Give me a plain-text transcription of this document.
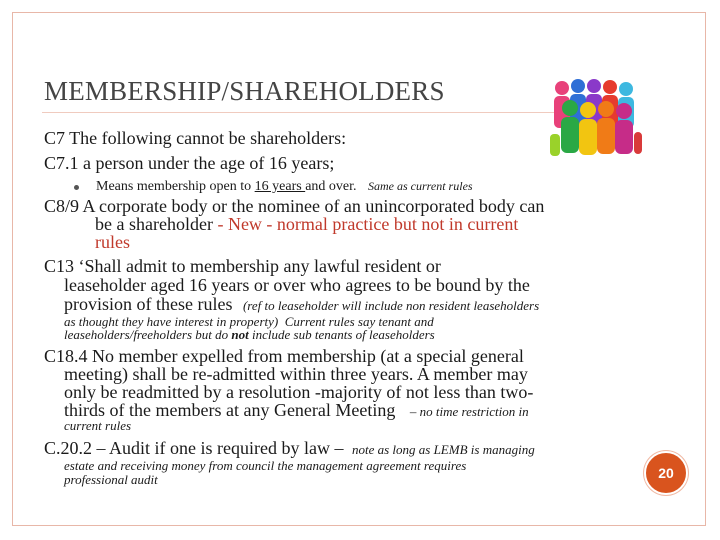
MEMBERSHIP/SHAREHOLDERS
C7 The following cannot be shareholders:
C7.1 a person under the age of 16 years;
Means membership open to 16 years and over. Same as current rules
C8/9 A corporate body or the nominee of an unincorporated body can
be a shareholder - New - normal practice but not in current
rules
C13 ‘Shall admit to membership any lawful resident or
leaseholder aged 16 years or over who agrees to be bound by the
provision of these rules (ref to leaseholder will include non resident leaseholders
as thought they have interest in property) Current rules say tenant and
leaseholders/freeholders but do not include sub tenants of leaseholders
C18.4 No member expelled from membership (at a special general
meeting) shall be re-admitted within three years. A member may
only be readmitted by a resolution -majority of not less than two-
thirds of the members at any General Meeting – no time restriction in
current rules
C.20.2 – Audit if one is required by law – note as long as LEMB is managing
estate and receiving money from council the management agreement requires
professional audit	20
